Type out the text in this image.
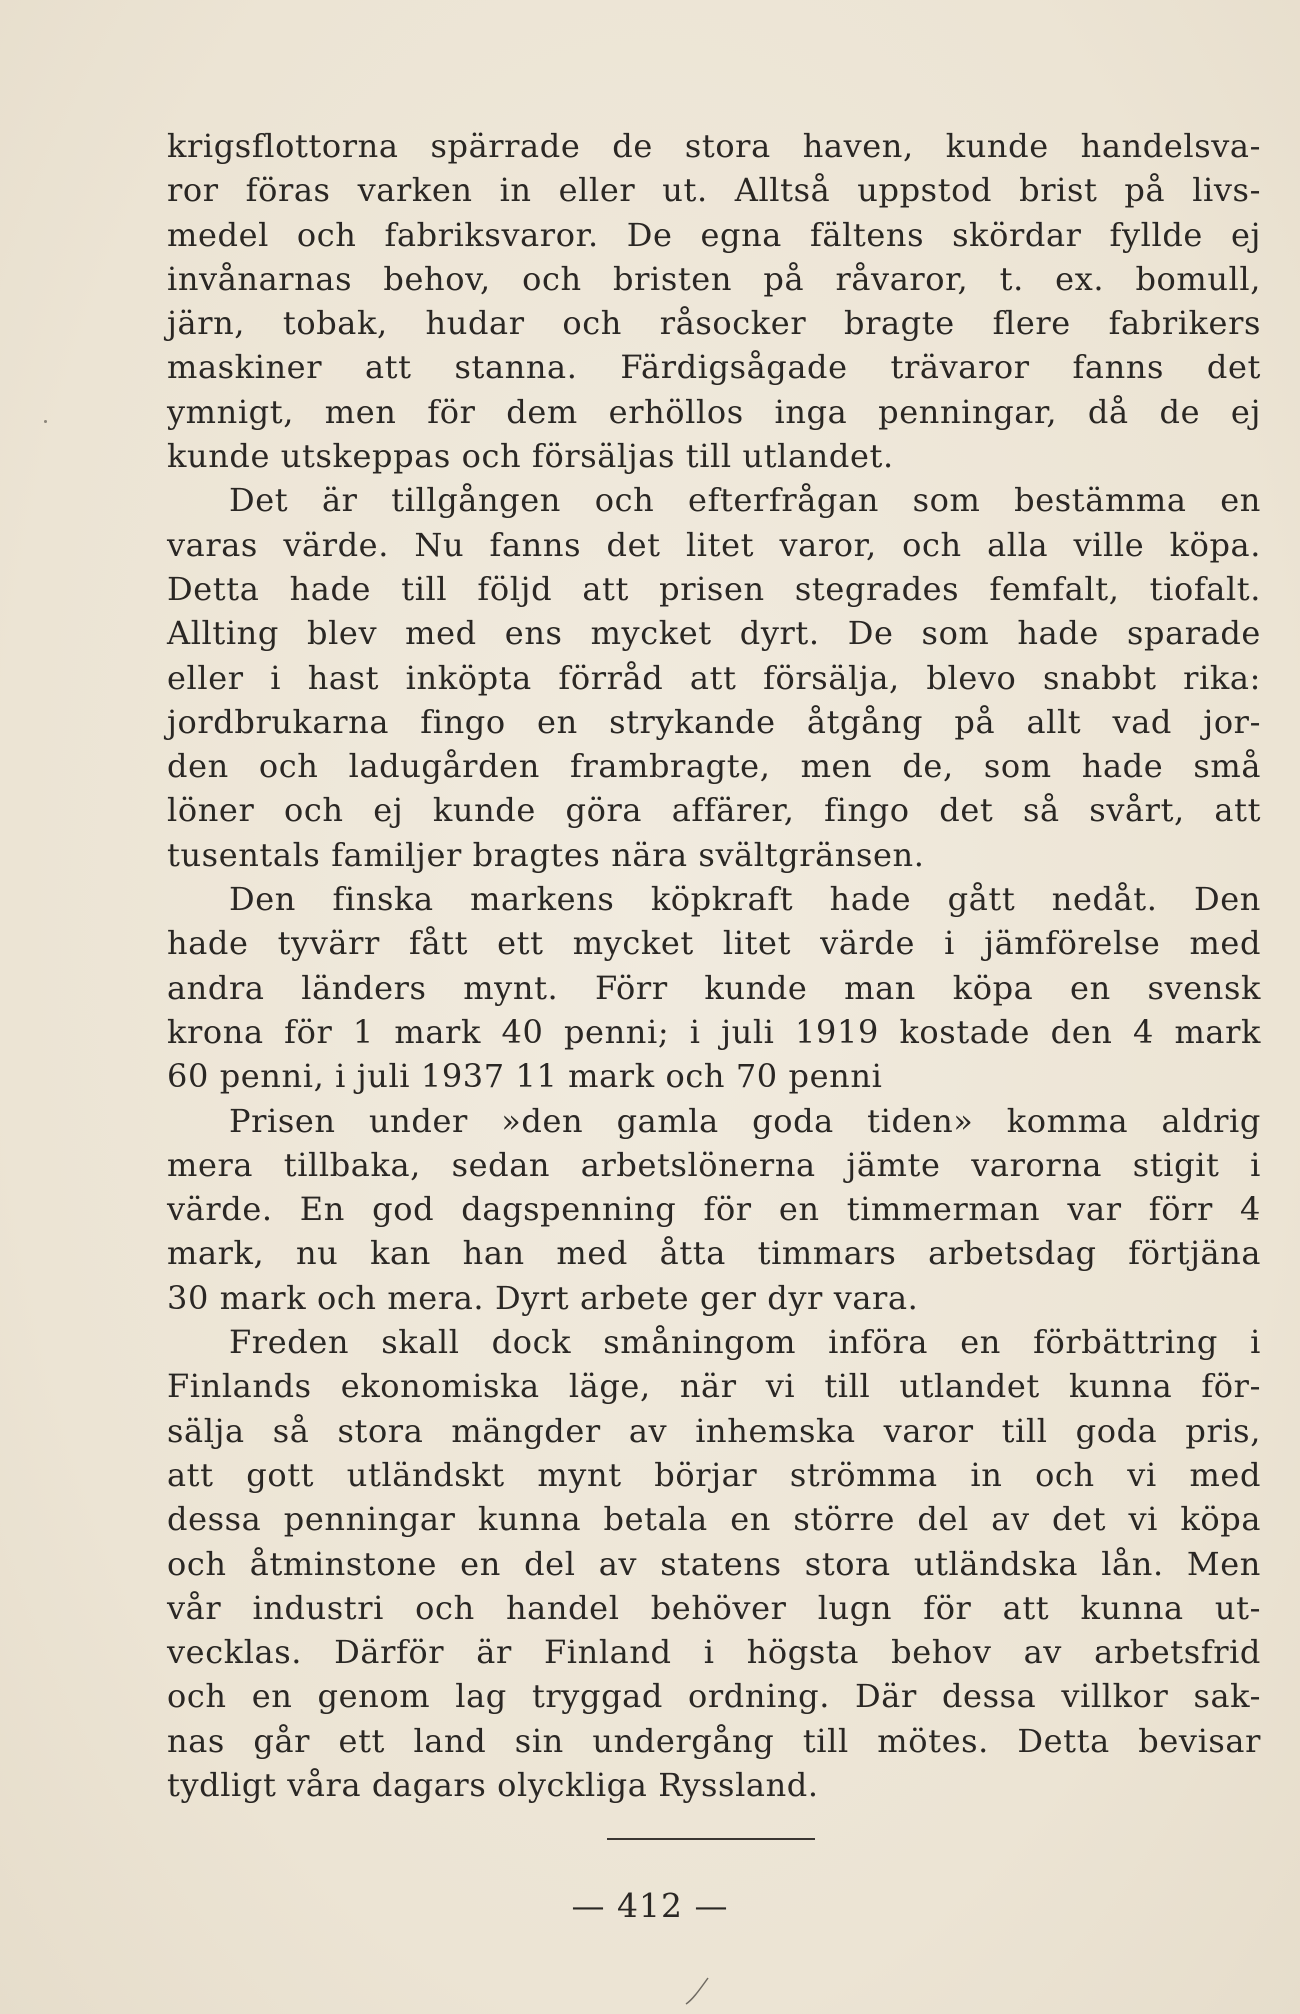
krigsflottorna spärrade de stora haven, kunde handelsva-
ror föras varken in eller ut. Alltså uppstod brist på livs-
medel och fabriksvaror. De egna fältens skördar fyllde ej
invånarnas behov, och bristen på råvaror, t. ex. bomull,
järn, tobak, hudar och råsocker bragte flere fabrikers
maskiner att stanna. Färdigsågade trävaror fanns det
ymnigt, men för dem erhöllos inga penningar, då de ej
kunde utskeppas och försäljas till utlandet.
Det är tillgången och efterfrågan som bestämma en
varas värde. Nu fanns det litet varor, och alla ville köpa.
Detta hade till följd att prisen stegrades femfalt, tiofalt.
Allting blev med ens mycket dyrt. De som hade sparade
eller i hast inköpta förråd att försälja, blevo snabbt rika:
jordbrukarna fingo en strykande åtgång på allt vad jor-
den och ladugården frambragte, men de, som hade små
löner och ej kunde göra affärer, fingo det så svårt, att
tusentals familjer bragtes nära svältgränsen.
Den finska markens köpkraft hade gått nedåt. Den
hade tyvärr fått ett mycket litet värde i jämförelse med
andra länders mynt. Förr kunde man köpa en svensk
krona för 1 mark 40 penni; i juli 1919 kostade den 4 mark
60 penni, i juli 1937 11 mark och 70 penni
Prisen under »den gamla goda tiden» komma aldrig
mera tillbaka, sedan arbetslönerna jämte varorna stigit i
värde. En god dagspenning för en timmerman var förr 4
mark, nu kan han med åtta timmars arbetsdag förtjäna
30 mark och mera. Dyrt arbete ger dyr vara.
Freden skall dock småningom införa en förbättring i
Finlands ekonomiska läge, när vi till utlandet kunna för-
sälja så stora mängder av inhemska varor till goda pris,
att gott utländskt mynt börjar strömma in och vi med
dessa penningar kunna betala en större del av det vi köpa
och åtminstone en del av statens stora utländska lån. Men
vår industri och handel behöver lugn för att kunna ut-
vecklas. Därför är Finland i högsta behov av arbetsfrid
och en genom lag tryggad ordning. Där dessa villkor sak-
nas går ett land sin undergång till mötes. Detta bevisar
tydligt våra dagars olyckliga Ryssland.
— 412 —
